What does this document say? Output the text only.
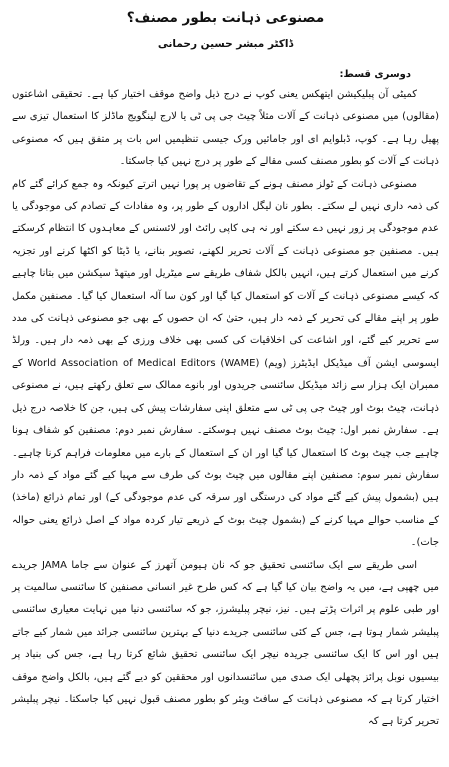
مصنوعی ذہانت بطور مصنف؟
ڈاکٹر مبشر حسین رحمانی
دوسری قسط:

کمیٹی آن پبلیکیشن ایتھکس یعنی کوپ نے درج ذیل واضح موقف اختیار کیا ہے۔ تحقیقی اشاعتوں (مقالوں) میں مصنوعی ذہانت کے آلات مثلاً چیٹ جی پی ٹی یا لارج لینگویج ماڈلز کا استعمال تیزی سے پھیل رہا ہے۔ کوپ، ڈبلوایم ای اور جامائیں ورک جیسی تنظیمیں اس بات پر متفق ہیں کہ مصنوعی ذہانت کے آلات کو بطور مصنف کسی مقالے کے طور پر درج نہیں کیا جاسکتا۔

مصنوعی ذہانت کے ٹولز مصنف ہونے کے تقاضوں پر پورا نہیں اترتے کیونکہ وہ جمع کرائے گئے کام کی ذمہ داری نہیں لے سکتے۔ بطور نان لیگل اداروں کے طور پر، وہ مفادات کے تصادم کی موجودگی یا عدم موجودگی پر زور نہیں دے سکتے اور نہ ہی کاپی رائٹ اور لائسنس کے معاہدوں کا انتظام کرسکتے ہیں۔ مصنفین جو مصنوعی ذہانت کے آلات تحریر لکھنے، تصویر بنانے، یا ڈیٹا کو اکٹھا کرنے اور تجزیہ کرنے میں استعمال کرتے ہیں، انہیں بالکل شفاف طریقے سے میٹریل اور میتھڈ سیکشن میں بتانا چاہیے کہ کیسے مصنوعی ذہانت کے آلات کو استعمال کیا گیا اور کون سا آلہ استعمال کیا گیا۔ مصنفین مکمل طور پر اپنے مقالے کی تحریر کے ذمہ دار ہیں، حتیٰ کہ ان حصوں کے بھی جو مصنوعی ذہانت کی مدد سے تحریر کیے گئے، اور اشاعت کی اخلاقیات کی کسی بھی خلاف ورزی کے بھی ذمہ دار ہیں۔ ورلڈ ایسوسی ایشن آف میڈیکل ایڈیٹرز (ویم) World Association of Medical Editors (WAME) کے ممبران ایک ہزار سے زائد میڈیکل سائنسی جریدوں اور بانوے ممالک سے تعلق رکھتے ہیں، نے مصنوعی ذہانت، چیٹ بوٹ اور چیٹ جی پی ٹی سے متعلق اپنی سفارشات پیش کی ہیں، جن کا خلاصہ درج ذیل ہے۔ سفارش نمبر اول: چیٹ بوٹ مصنف نہیں ہوسکتے۔ سفارش نمبر دوم: مصنفین کو شفاف ہونا چاہیے جب چیٹ بوٹ کا استعمال کیا گیا اور ان کے استعمال کے بارے میں معلومات فراہم کرنا چاہیے۔ سفارش نمبر سوم: مصنفین اپنے مقالوں میں چیٹ بوٹ کی طرف سے مہیا کیے گئے مواد کے ذمہ دار ہیں (بشمول پیش کیے گئے مواد کی درستگی اور سرقہ کی عدم موجودگی کے) اور تمام ذرائع (ماخذ) کے مناسب حوالے مہیا کرنے کے (بشمول چیٹ بوٹ کے ذریعے تیار کردہ مواد کے اصل ذرائع یعنی حوالہ جات)۔

اسی طریقے سے ایک سائنسی تحقیق جو کہ نان ہیومن آتھرز کے عنوان سے جاما JAMA جریدے میں چھپی ہے، میں یہ واضح بیان کیا گیا ہے کہ کس طرح غیر انسانی مصنفین کا سائنسی سالمیت پر اور طبی علوم پر اثرات پڑتے ہیں۔ نیز، نیچر پبلیشرز، جو کہ سائنسی دنیا میں نہایت معیاری سائنسی پبلیشر شمار ہوتا ہے، جس کے کئی سائنسی جریدے دنیا کے بہترین سائنسی جرائد میں شمار کیے جاتے ہیں اور اس کا ایک سائنسی جریدہ نیچر ایک سائنسی تحقیق شائع کرتا رہا ہے، جس کی بنیاد پر بیسیوں نوبل پرائز پچھلی ایک صدی میں سائنسدانوں اور محققین کو دیے گئے ہیں، بالکل واضح موقف اختیار کرتا ہے کہ مصنوعی ذہانت کے سافٹ ویئر کو بطور مصنف قبول نہیں کیا جاسکتا۔ نیچر پبلیشر تحریر کرتا ہے کہ
